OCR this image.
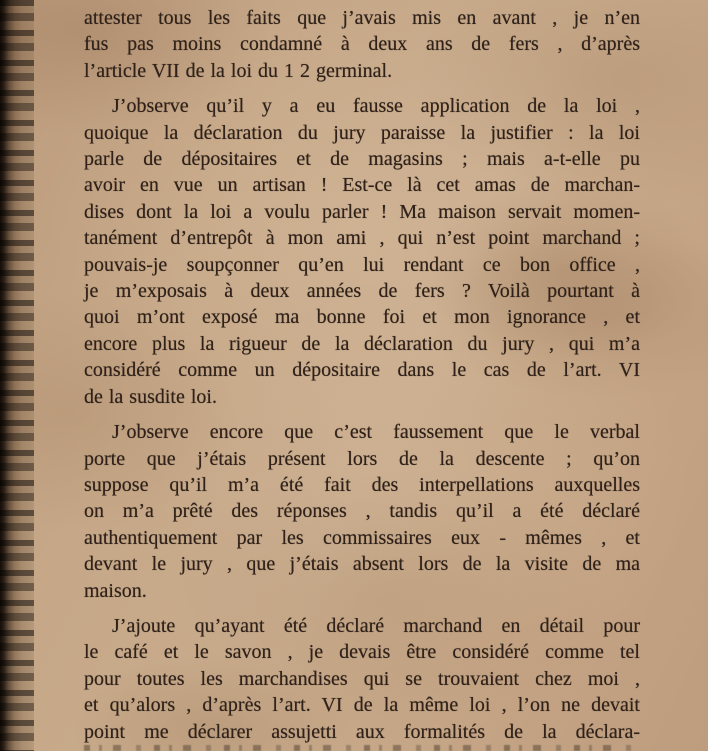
attester tous les faits que j’avais mis en avant , je n’en
fus pas moins condamné à deux ans de fers , d’après
l’article VII de la loi du 1 2 germinal.
J’observe qu’il y a eu fausse application de la loi ,
quoique la déclaration du jury paraisse la justifier : la loi
parle de dépositaires et de magasins ; mais a-t-elle pu
avoir en vue un artisan ! Est-ce là cet amas de marchan-
dises dont la loi a voulu parler ! Ma maison servait momen-
tanément d’entrepôt à mon ami , qui n’est point marchand ;
pouvais-je soupçonner qu’en lui rendant ce bon office ,
je m’exposais à deux années de fers ? Voilà pourtant à
quoi m’ont exposé ma bonne foi et mon ignorance , et
encore plus la rigueur de la déclaration du jury , qui m’a
considéré comme un dépositaire dans le cas de l’art. VI
de la susdite loi.
J’observe encore que c’est faussement que le verbal
porte que j’étais présent lors de la descente ; qu’on
suppose qu’il m’a été fait des interpellations auxquelles
on m’a prêté des réponses , tandis qu’il a été déclaré
authentiquement par les commissaires eux - mêmes , et
devant le jury , que j’étais absent lors de la visite de ma
maison.
J’ajoute qu’ayant été déclaré marchand en détail pour
le café et le savon , je devais être considéré comme tel
pour toutes les marchandises qui se trouvaient chez moi ,
et qu’alors , d’après l’art. VI de la même loi , l’on ne devait
point me déclarer assujetti aux formalités de la déclara-
